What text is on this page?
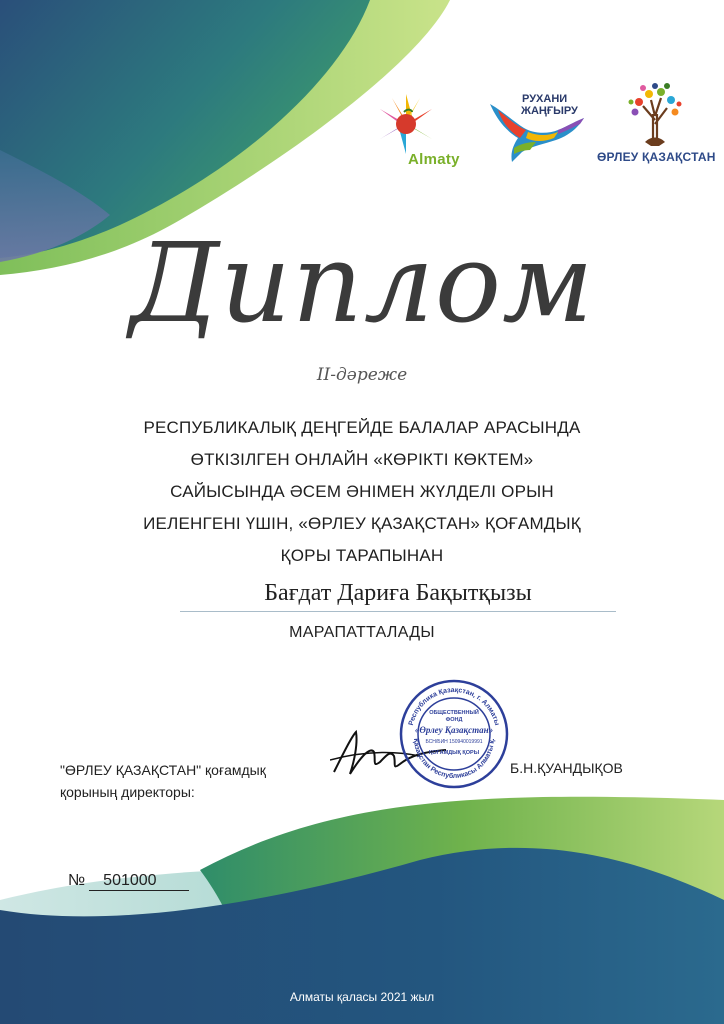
Almaty
РУХАНИ
ЖАҢҒЫРУ
ӨРЛЕУ ҚАЗАҚСТАН
Диплом
II-дәреже
РЕСПУБЛИКАЛЫҚ ДЕҢГЕЙДЕ БАЛАЛАР АРАСЫНДА
ӨТКІЗІЛГЕН ОНЛАЙН «КӨРІКТІ КӨКТЕМ»
САЙЫСЫНДА ӘСЕМ ӘНІМЕН ЖҮЛДЕЛІ ОРЫН
ИЕЛЕНГЕНІ ҮШІН, «ӨРЛЕУ ҚАЗАҚСТАН» ҚОҒАМДЫҚ
ҚОРЫ ТАРАПЫНАН
Бағдат Дариға Бақытқызы
МАРАПАТТАЛАДЫ
"ӨРЛЕУ ҚАЗАҚСТАН" қоғамдық
қорының директоры:
Республика Қазақстан, г. Алматы
Қазақстан Республикасы Алматы қ.
ОБЩЕСТВЕННЫЙ
ФОНД
«Өрлеу Қазақстан»
БСН/БИН 150940019991
ҚОҒАМДЫҚ ҚОРЫ
Б.Н.ҚУАНДЫҚОВ
№ 501000
Алматы қаласы 2021 жыл
